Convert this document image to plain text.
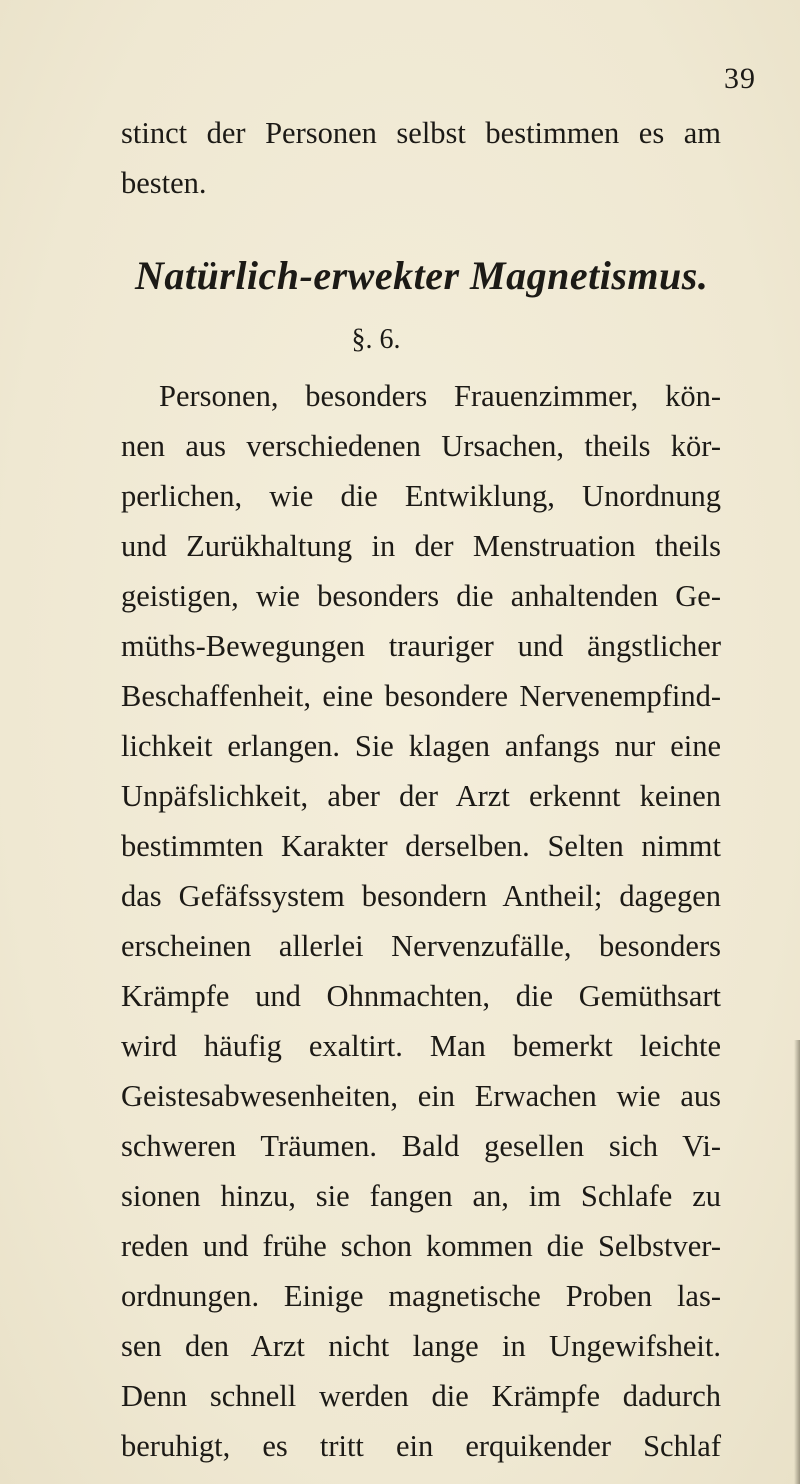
39
stinct der Personen selbst bestimmen es am
besten.
Natürlich-erwekter Magnetismus.
§. 6.
Personen, besonders Frauenzimmer, kön-
nen aus verschiedenen Ursachen, theils kör-
perlichen, wie die Entwiklung, Unordnung
und Zurükhaltung in der Menstruation theils
geistigen, wie besonders die anhaltenden Ge-
müths-Bewegungen trauriger und ängstlicher
Beschaffenheit, eine besondere Nervenempfind-
lichkeit erlangen. Sie klagen anfangs nur eine
Unpäfslichkeit, aber der Arzt erkennt keinen
bestimmten Karakter derselben. Selten nimmt
das Gefäfssystem besondern Antheil; dagegen
erscheinen allerlei Nervenzufälle, besonders
Krämpfe und Ohnmachten, die Gemüthsart
wird häufig exaltirt. Man bemerkt leichte
Geistesabwesenheiten, ein Erwachen wie aus
schweren Träumen. Bald gesellen sich Vi-
sionen hinzu, sie fangen an, im Schlafe zu
reden und frühe schon kommen die Selbstver-
ordnungen. Einige magnetische Proben las-
sen den Arzt nicht lange in Ungewifsheit.
Denn schnell werden die Krämpfe dadurch
beruhigt, es tritt ein erquikender Schlaf
